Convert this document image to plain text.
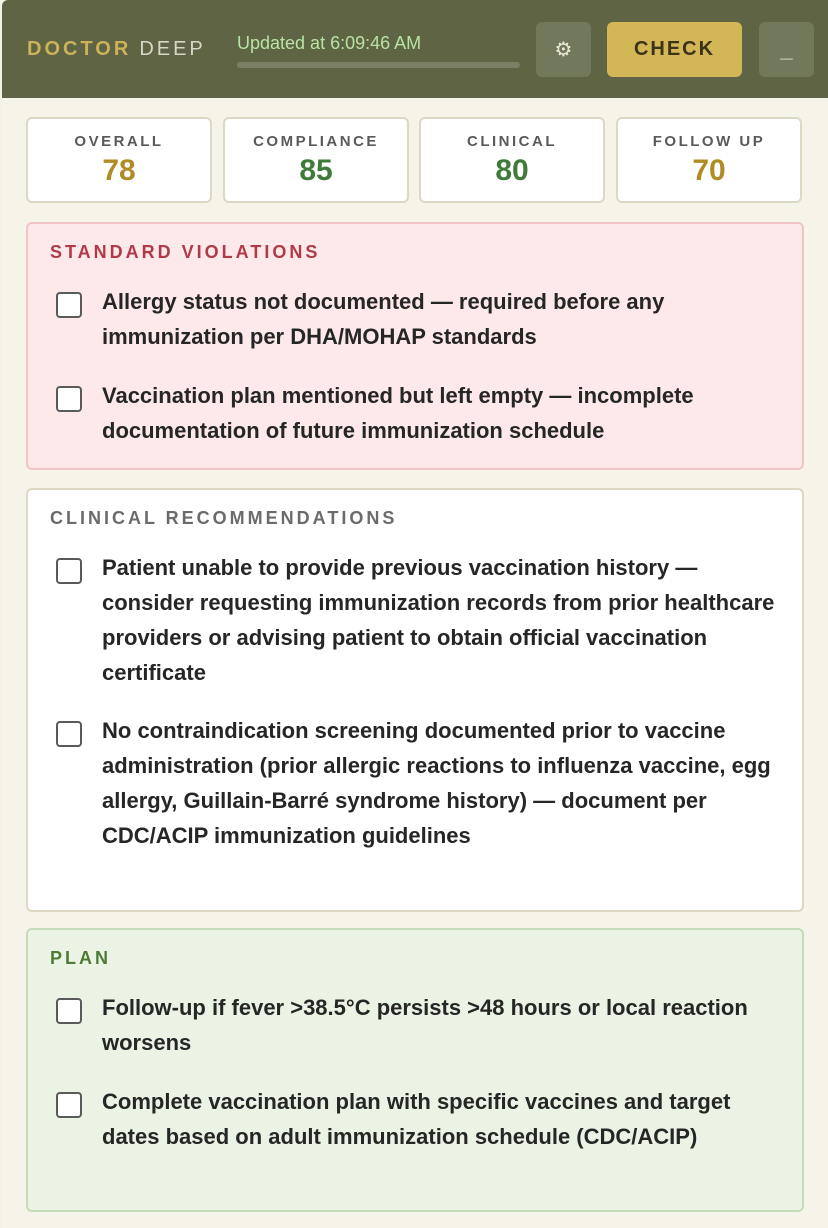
DOCTOR DEEP Updated at 6:09:46 AM	⚙	CHECK	_
OVERALL
78
COMPLIANCE
85
CLINICAL
80
FOLLOW UP
70
STANDARD VIOLATIONS
Allergy status not documented — required before any immunization per DHA/MOHAP standards
Vaccination plan mentioned but left empty — incomplete documentation of future immunization schedule
CLINICAL RECOMMENDATIONS
Patient unable to provide previous vaccination history — consider requesting immunization records from prior healthcare providers or advising patient to obtain official vaccination certificate
No contraindication screening documented prior to vaccine administration (prior allergic reactions to influenza vaccine, egg allergy, Guillain-Barré syndrome history) — document per CDC/ACIP immunization guidelines
PLAN
Follow-up if fever >38.5°C persists >48 hours or local reaction worsens
Complete vaccination plan with specific vaccines and target dates based on adult immunization schedule (CDC/ACIP)
